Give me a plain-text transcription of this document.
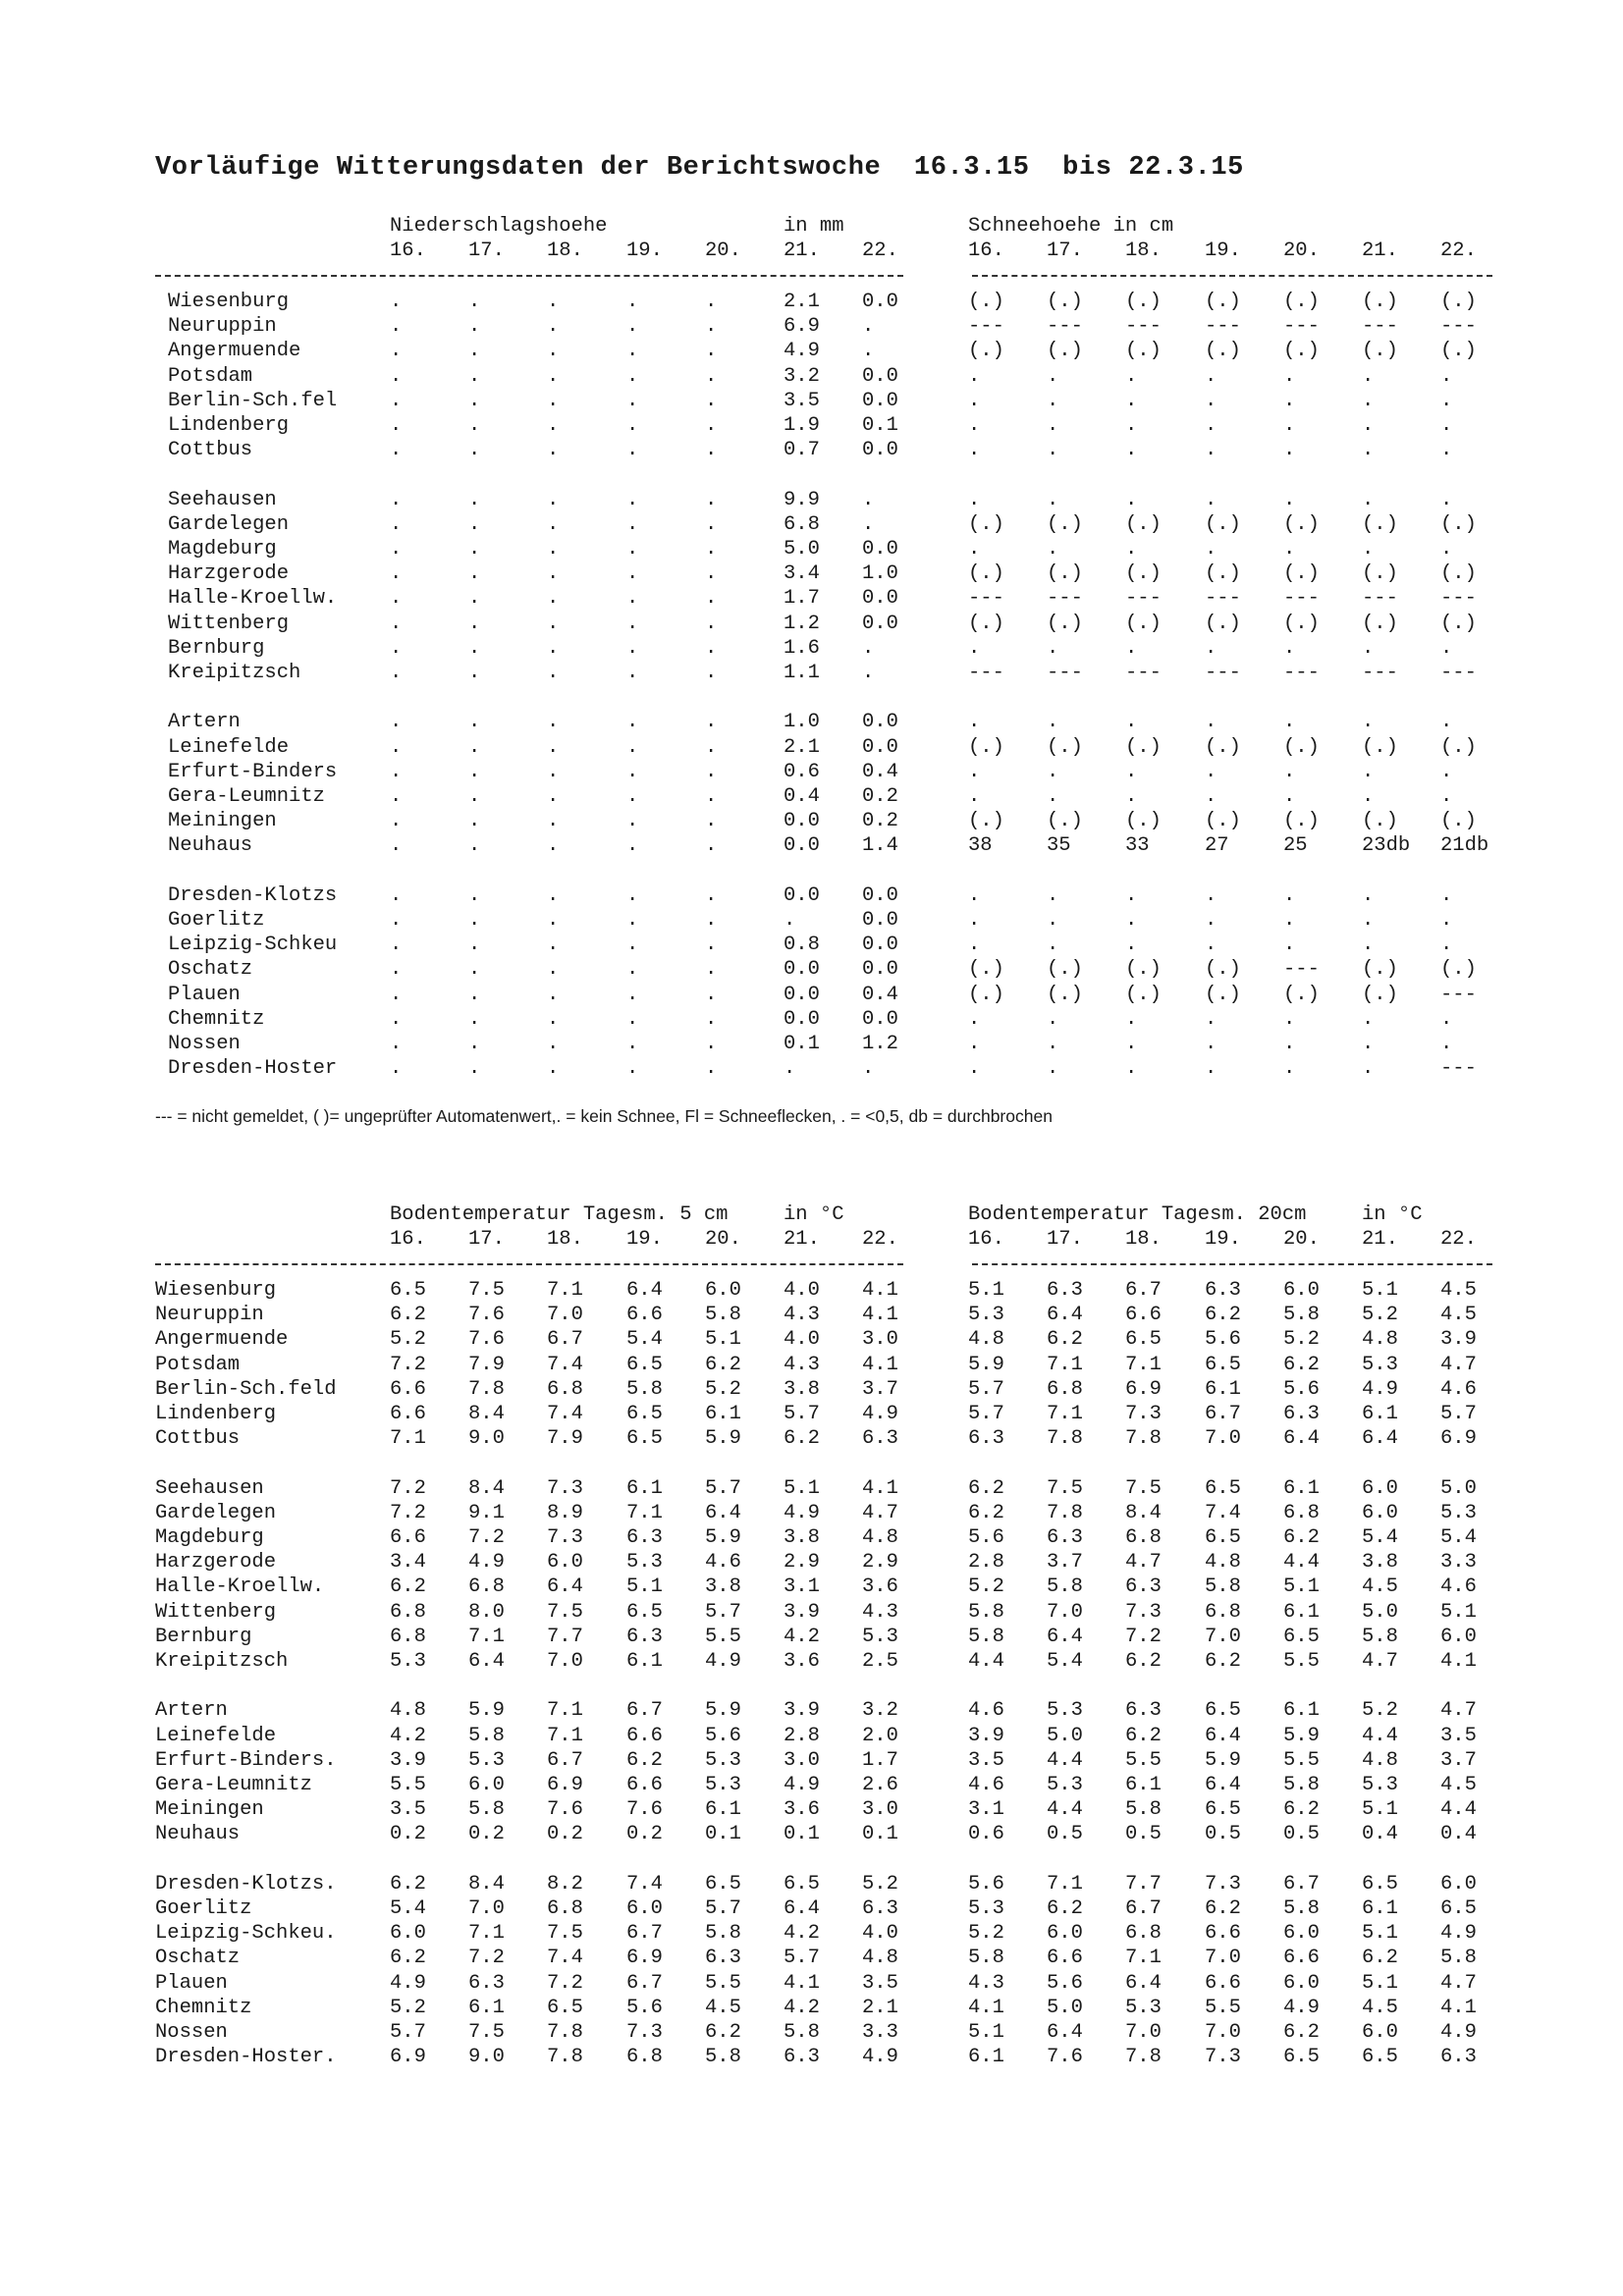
Vorläufige Witterungsdaten der Berichtswoche  16.3.15  bis 22.3.15
Niederschlagshoehe	in mm	Schneehoehe in cm
16.	16.
17.	17.
18.	18.
19.	19.
20.	20.
21.	21.
22.	22.
Wiesenburg	.	.	.	.	.	2.1 0.0	(.) (.) (.) (.) (.) (.) (.)
Neuruppin	.	.	.	.	.	6.9 .	--- --- --- --- --- --- ---
Angermuende	.	.	.	.	.	4.9 .	(.) (.) (.) (.) (.) (.) (.)
Potsdam	.	.	.	.	.	3.2 0.0	.	.	.	.	.	.	.
Berlin-Sch.fel	.	.	.	.	.	3.5 0.0	.	.	.	.	.	.	.
Lindenberg	.	.	.	.	.	1.9 0.1	.	.	.	.	.	.	.
Cottbus	.	.	.	.	.	0.7 0.0	.	.	.	.	.	.	.
Seehausen	.	.	.	.	.	9.9 .	.	.	.	.	.	.	.
Gardelegen	.	.	.	.	.	6.8 .	(.) (.) (.) (.) (.) (.) (.)
Magdeburg	.	.	.	.	.	5.0 0.0	.	.	.	.	.	.	.
Harzgerode	.	.	.	.	.	3.4 1.0	(.) (.) (.) (.) (.) (.) (.)
Halle-Kroellw.	.	.	.	.	.	1.7 0.0	--- --- --- --- --- --- ---
Wittenberg	.	.	.	.	.	1.2 0.0	(.) (.) (.) (.) (.) (.) (.)
Bernburg	.	.	.	.	.	1.6 .	.	.	.	.	.	.	.
Kreipitzsch	.	.	.	.	.	1.1 .	--- --- --- --- --- --- ---
Artern	.	.	.	.	.	1.0 0.0	.	.	.	.	.	.	.
Leinefelde	.	.	.	.	.	2.1 0.0	(.) (.) (.) (.) (.) (.) (.)
Erfurt-Binders	.	.	.	.	.	0.6 0.4	.	.	.	.	.	.	.
Gera-Leumnitz	.	.	.	.	.	0.4 0.2	.	.	.	.	.	.	.
Meiningen	.	.	.	.	.	0.0 0.2	(.) (.) (.) (.) (.) (.) (.)
Neuhaus	.	.	.	.	.	0.0 1.4	38	35	33	27	25	23db 21db
Dresden-Klotzs	.	.	.	.	.	0.0 0.0	.	.	.	.	.	.	.
Goerlitz	.	.	.	.	.	.	0.0	.	.	.	.	.	.	.
Leipzig-Schkeu	.	.	.	.	.	0.8 0.0	.	.	.	.	.	.	.
Oschatz	.	.	.	.	.	0.0 0.0	(.) (.) (.) (.) --- (.) (.)
Plauen	.	.	.	.	.	0.0 0.4	(.) (.) (.) (.) (.) (.) ---
Chemnitz	.	.	.	.	.	0.0 0.0	.	.	.	.	.	.	.
Nossen	.	.	.	.	.	0.1 1.2	.	.	.	.	.	.	.
Dresden-Hoster	.	.	.	.	.	.	.	.	.	.	.	.	.	---
--- = nicht gemeldet, ( )= ungeprüfter Automatenwert,. = kein Schnee, Fl = Schneeflecken, . = <0,5, db = durchbrochen
Bodentemperatur Tagesm. 5 cm	in °C	Bodentemperatur Tagesm. 20cm	in °C
16.	16.
17.	17.
18.	18.
19.	19.
20.	20.
21.	21.
22.	22.
Wiesenburg	6.5 7.5 7.1 6.4 6.0 4.0 4.1	5.1 6.3 6.7 6.3 6.0 5.1 4.5
Neuruppin	6.2 7.6 7.0 6.6 5.8 4.3 4.1	5.3 6.4 6.6 6.2 5.8 5.2 4.5
Angermuende	5.2 7.6 6.7 5.4 5.1 4.0 3.0	4.8 6.2 6.5 5.6 5.2 4.8 3.9
Potsdam	7.2 7.9 7.4 6.5 6.2 4.3 4.1	5.9 7.1 7.1 6.5 6.2 5.3 4.7
Berlin-Sch.feld	6.6 7.8 6.8 5.8 5.2 3.8 3.7	5.7 6.8 6.9 6.1 5.6 4.9 4.6
Lindenberg	6.6 8.4 7.4 6.5 6.1 5.7 4.9	5.7 7.1 7.3 6.7 6.3 6.1 5.7
Cottbus	7.1 9.0 7.9 6.5 5.9 6.2 6.3	6.3 7.8 7.8 7.0 6.4 6.4 6.9
Seehausen	7.2 8.4 7.3 6.1 5.7 5.1 4.1	6.2 7.5 7.5 6.5 6.1 6.0 5.0
Gardelegen	7.2 9.1 8.9 7.1 6.4 4.9 4.7	6.2 7.8 8.4 7.4 6.8 6.0 5.3
Magdeburg	6.6 7.2 7.3 6.3 5.9 3.8 4.8	5.6 6.3 6.8 6.5 6.2 5.4 5.4
Harzgerode	3.4 4.9 6.0 5.3 4.6 2.9 2.9	2.8 3.7 4.7 4.8 4.4 3.8 3.3
Halle-Kroellw.	6.2 6.8 6.4 5.1 3.8 3.1 3.6	5.2 5.8 6.3 5.8 5.1 4.5 4.6
Wittenberg	6.8 8.0 7.5 6.5 5.7 3.9 4.3	5.8 7.0 7.3 6.8 6.1 5.0 5.1
Bernburg	6.8 7.1 7.7 6.3 5.5 4.2 5.3	5.8 6.4 7.2 7.0 6.5 5.8 6.0
Kreipitzsch	5.3 6.4 7.0 6.1 4.9 3.6 2.5	4.4 5.4 6.2 6.2 5.5 4.7 4.1
Artern	4.8 5.9 7.1 6.7 5.9 3.9 3.2	4.6 5.3 6.3 6.5 6.1 5.2 4.7
Leinefelde	4.2 5.8 7.1 6.6 5.6 2.8 2.0	3.9 5.0 6.2 6.4 5.9 4.4 3.5
Erfurt-Binders.	3.9 5.3 6.7 6.2 5.3 3.0 1.7	3.5 4.4 5.5 5.9 5.5 4.8 3.7
Gera-Leumnitz	5.5 6.0 6.9 6.6 5.3 4.9 2.6	4.6 5.3 6.1 6.4 5.8 5.3 4.5
Meiningen	3.5 5.8 7.6 7.6 6.1 3.6 3.0	3.1 4.4 5.8 6.5 6.2 5.1 4.4
Neuhaus	0.2 0.2 0.2 0.2 0.1 0.1 0.1	0.6 0.5 0.5 0.5 0.5 0.4 0.4
Dresden-Klotzs.	6.2 8.4 8.2 7.4 6.5 6.5 5.2	5.6 7.1 7.7 7.3 6.7 6.5 6.0
Goerlitz	5.4 7.0 6.8 6.0 5.7 6.4 6.3	5.3 6.2 6.7 6.2 5.8 6.1 6.5
Leipzig-Schkeu.	6.0 7.1 7.5 6.7 5.8 4.2 4.0	5.2 6.0 6.8 6.6 6.0 5.1 4.9
Oschatz	6.2 7.2 7.4 6.9 6.3 5.7 4.8	5.8 6.6 7.1 7.0 6.6 6.2 5.8
Plauen	4.9 6.3 7.2 6.7 5.5 4.1 3.5	4.3 5.6 6.4 6.6 6.0 5.1 4.7
Chemnitz	5.2 6.1 6.5 5.6 4.5 4.2 2.1	4.1 5.0 5.3 5.5 4.9 4.5 4.1
Nossen	5.7 7.5 7.8 7.3 6.2 5.8 3.3	5.1 6.4 7.0 7.0 6.2 6.0 4.9
Dresden-Hoster.	6.9 9.0 7.8 6.8 5.8 6.3 4.9	6.1 7.6 7.8 7.3 6.5 6.5 6.3
